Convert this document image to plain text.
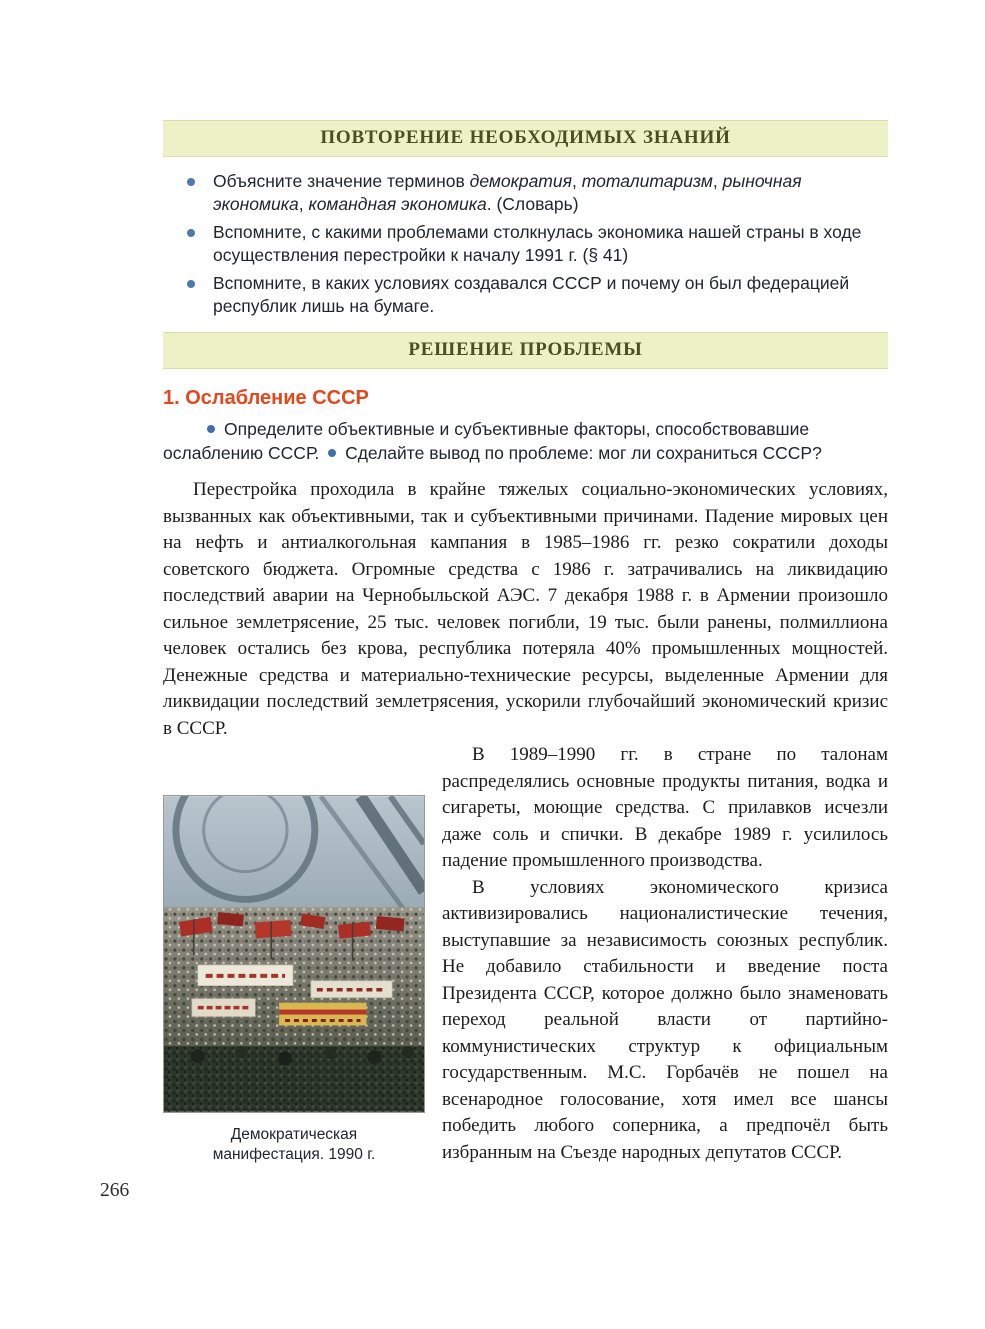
ПОВТОРЕНИЕ НЕОБХОДИМЫХ ЗНАНИЙ
Объясните значение терминов демократия, тоталитаризм, рыночная экономика, командная экономика. (Словарь)
Вспомните, с какими проблемами столкнулась экономика нашей страны в ходе осуществления перестройки к началу 1991 г. (§ 41)
Вспомните, в каких условиях создавался СССР и почему он был федерацией республик лишь на бумаге.
РЕШЕНИЕ ПРОБЛЕМЫ
1. Ослабление СССР

Определите объективные и субъективные факторы, способствовавшие ослаблению СССР. Сделайте вывод по проблеме: мог ли сохраниться СССР?

Перестройка проходила в крайне тяжелых социально-экономических условиях, вызванных как объективными, так и субъективными причинами. Падение мировых цен на нефть и антиалкогольная кампания в 1985–1986 гг. резко сократили доходы советского бюджета. Огромные средства с 1986 г. затрачивались на ликвидацию последствий аварии на Чернобыльской АЭС. 7 декабря 1988 г. в Армении произошло сильное землетрясение, 25 тыс. человек погибли, 19 тыс. были ранены, полмиллиона человек остались без крова, республика потеряла 40% промышленных мощностей. Денежные средства и материально-технические ресурсы, выделенные Армении для ликвидации последствий землетрясения, ускорили глубочайший экономический кризис в СССР.

Демократическая манифестация. 1990 г.

В 1989–1990 гг. в стране по талонам распределялись основные продукты питания, водка и сигареты, моющие средства. С прилавков исчезли даже соль и спички. В декабре 1989 г. усилилось падение промышленного производства.

В условиях экономического кризиса активизировались националистические течения, выступавшие за независимость союзных республик. Не добавило стабильности и введение поста Президента СССР, которое должно было знаменовать переход реальной власти от партийно-коммунистических структур к официальным государственным. М.С. Горбачёв не пошел на всенародное голосование, хотя имел все шансы победить любого соперника, а предпочёл быть избранным на Съезде народных депутатов СССР.

266
